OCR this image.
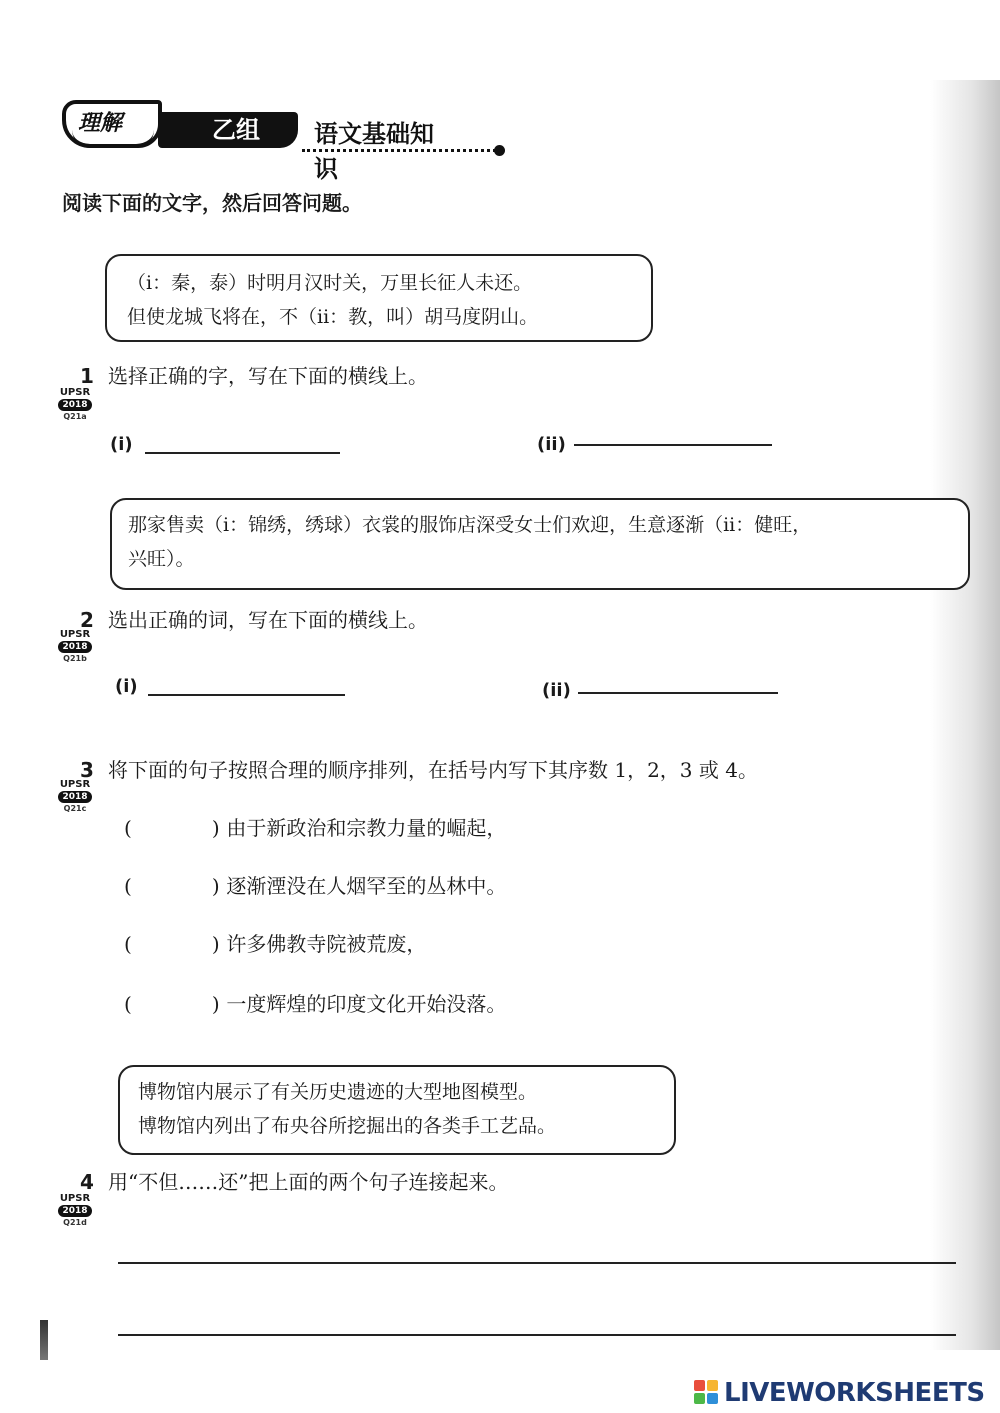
理解	乙组	语文基础知识
阅读下面的文字，然后回答问题。
（i：秦，泰）时明月汉时关，万里长征人未还。
但使龙城飞将在，不（ii：教，叫）胡马度阴山。
1 选择正确的字，写在下面的横线上。
UPSR
2018
Q21a
(i)	(ii)
那家售卖（i：锦绣，绣球）衣裳的服饰店深受女士们欢迎，生意逐渐（ii：健旺，
兴旺）。
2 选出正确的词，写在下面的横线上。
UPSR
2018
Q21b
(i)	(ii)
3 将下面的句子按照合理的顺序排列，在括号内写下其序数 1，2，3 或 4。
UPSR
2018
Q21c
(	) 由于新政治和宗教力量的崛起，
(	) 逐渐湮没在人烟罕至的丛林中。
(	) 许多佛教寺院被荒废，
(	) 一度辉煌的印度文化开始没落。
博物馆内展示了有关历史遗迹的大型地图模型。
博物馆内列出了布央谷所挖掘出的各类手工艺品。
4 用“不但……还”把上面的两个句子连接起来。
UPSR
2018
Q21d
LIVEWORKSHEETS
